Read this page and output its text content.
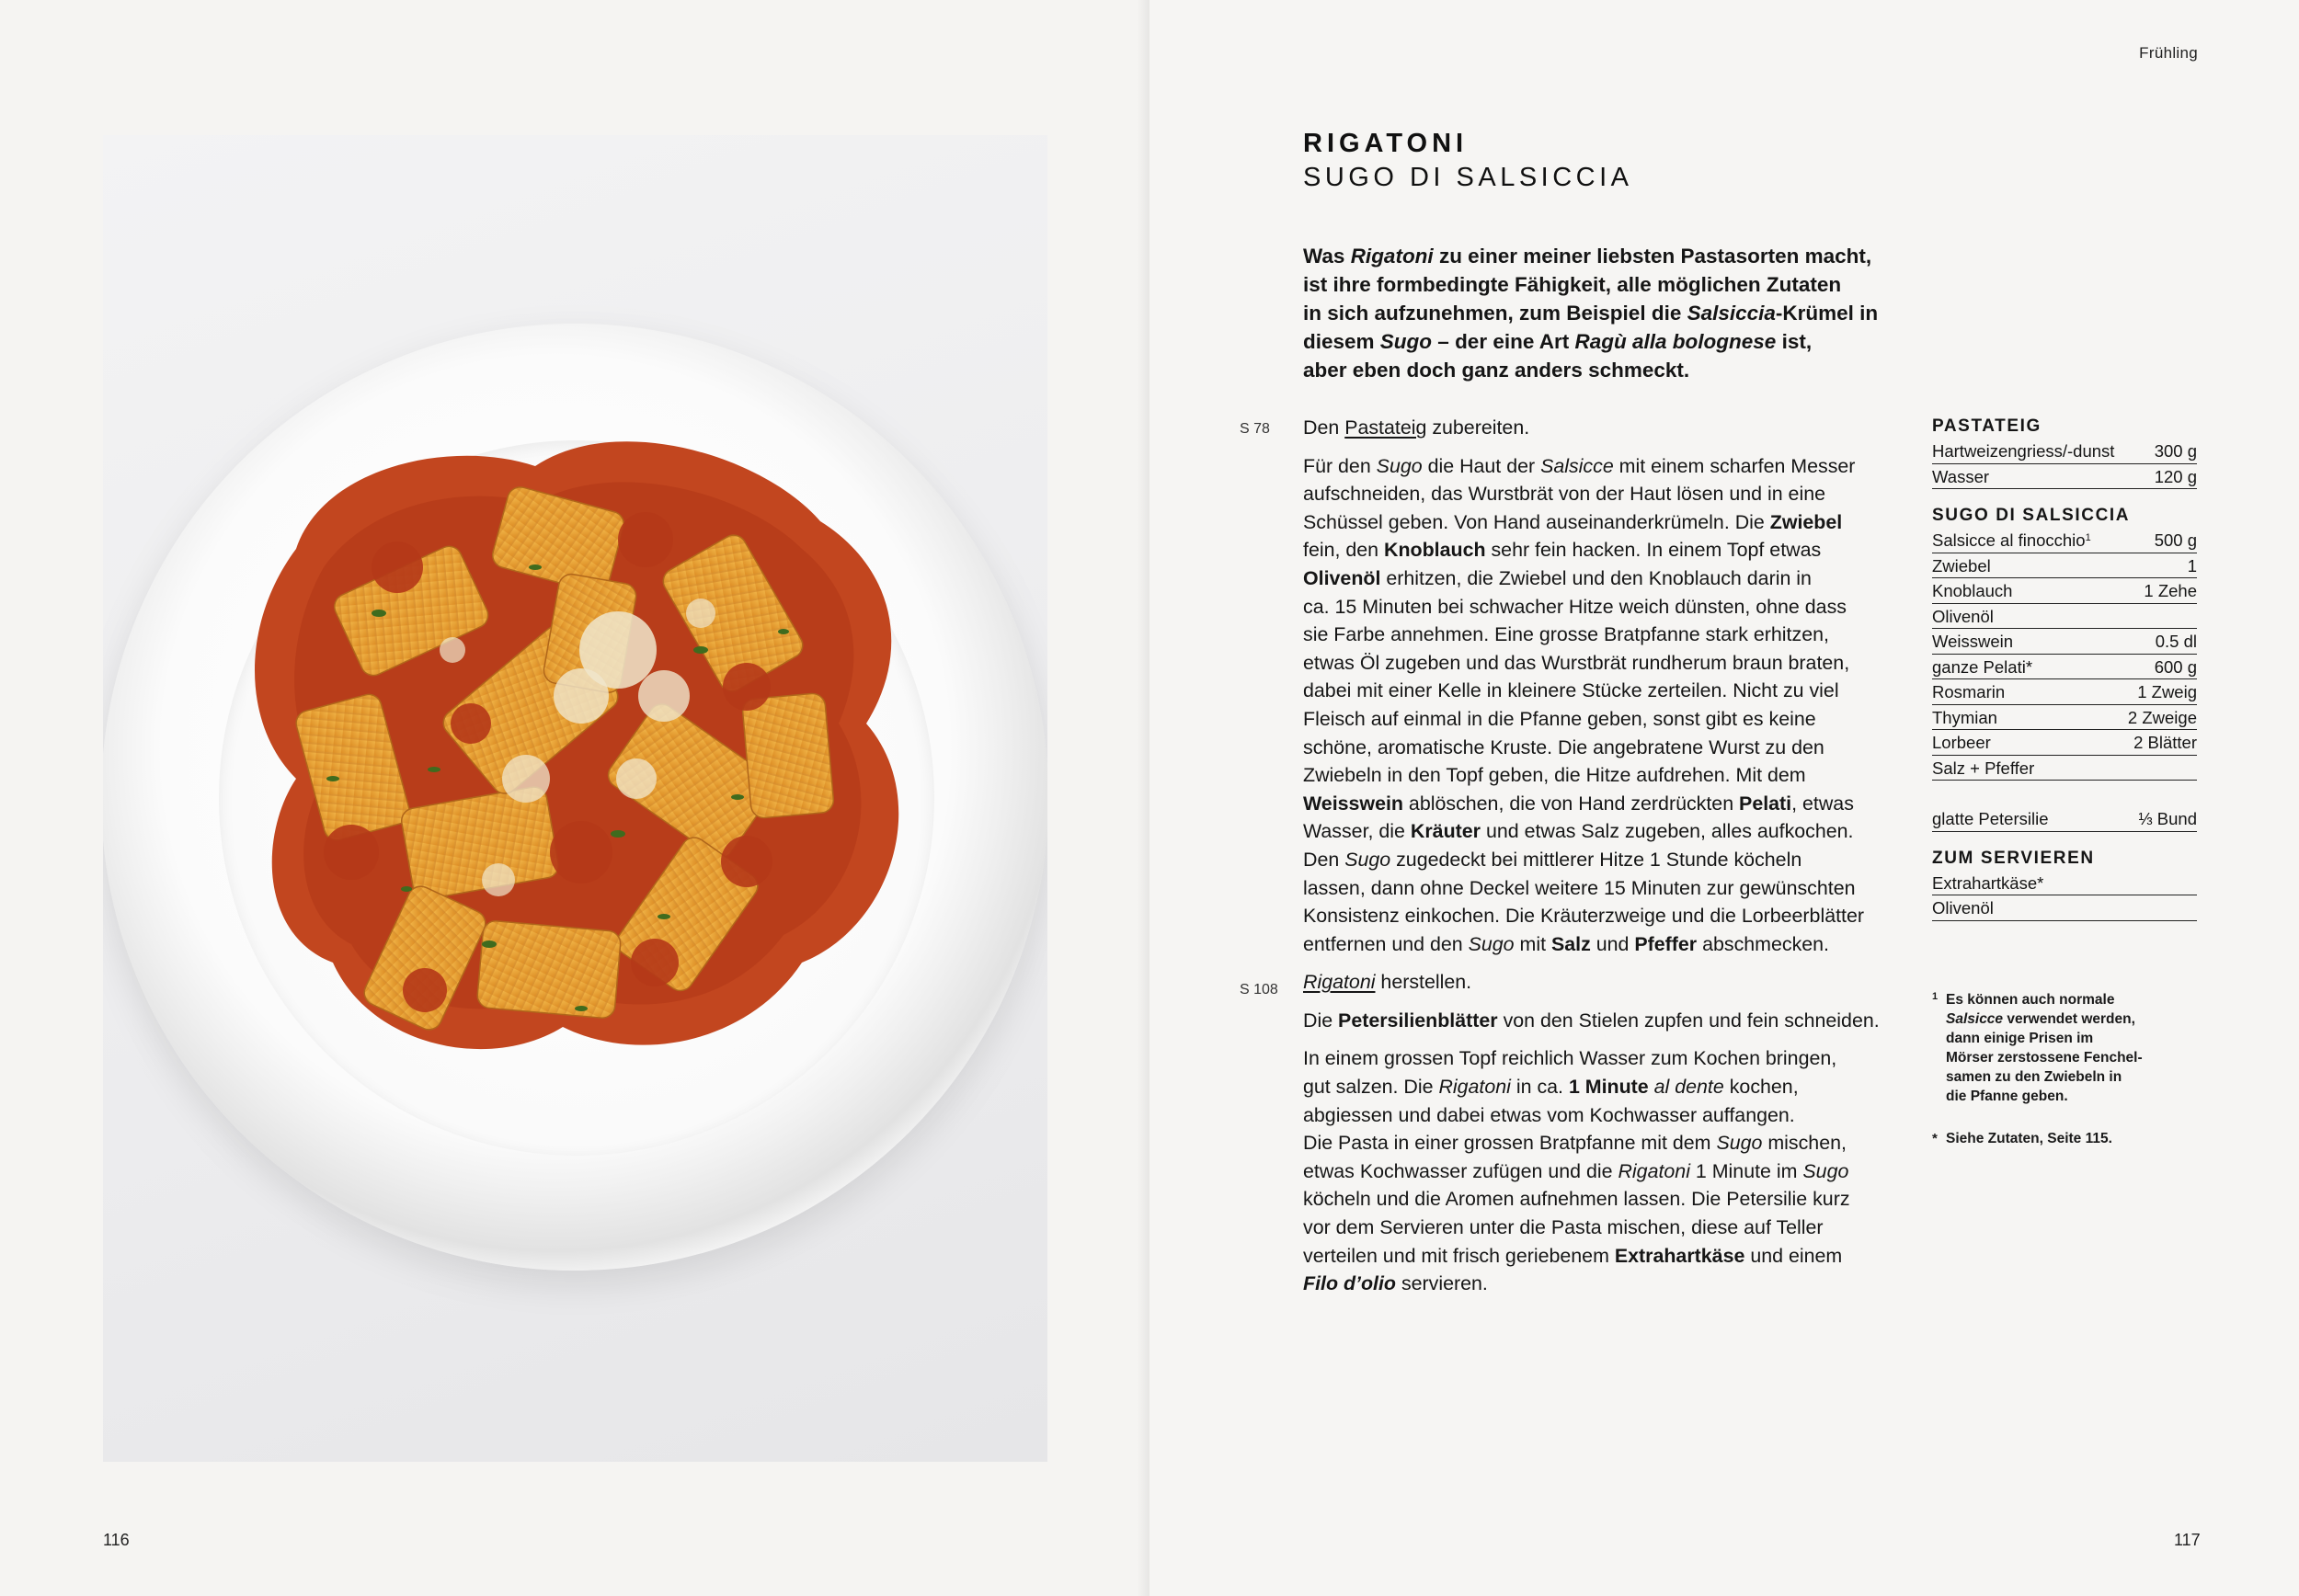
116
Frühling
RIGATONI
SUGO DI SALSICCIA

Was Rigatoni zu einer meiner liebsten Pastasorten macht,
ist ihre formbedingte Fähigkeit, alle möglichen Zutaten
in sich aufzunehmen, zum Beispiel die Salsiccia-Krümel in
diesem Sugo – der eine Art Ragù alla bolognese ist,
aber eben doch ganz anders schmeckt.

S 78
S 108

Den Pastateig zubereiten.

Für den Sugo die Haut der Salsicce mit einem scharfen Messer
aufschneiden, das Wurstbrät von der Haut lösen und in eine
Schüssel geben. Von Hand auseinanderkrümeln. Die Zwiebel
fein, den Knoblauch sehr fein hacken. In einem Topf etwas
Olivenöl erhitzen, die Zwiebel und den Knoblauch darin in
ca. 15 Minuten bei schwacher Hitze weich dünsten, ohne dass
sie Farbe annehmen. Eine grosse Bratpfanne stark erhitzen,
etwas Öl zugeben und das Wurstbrät rundherum braun braten,
dabei mit einer Kelle in kleinere Stücke zerteilen. Nicht zu viel
Fleisch auf einmal in die Pfanne geben, sonst gibt es keine
schöne, aromatische Kruste. Die angebratene Wurst zu den
Zwiebeln in den Topf geben, die Hitze aufdrehen. Mit dem
Weisswein ablöschen, die von Hand zerdrückten Pelati, etwas
Wasser, die Kräuter und etwas Salz zugeben, alles aufkochen.
Den Sugo zugedeckt bei mittlerer Hitze 1 Stunde köcheln
lassen, dann ohne Deckel weitere 15 Minuten zur gewünschten
Konsistenz einkochen. Die Kräuterzweige und die Lorbeerblätter
entfernen und den Sugo mit Salz und Pfeffer abschmecken.

Rigatoni herstellen.

Die Petersilienblätter von den Stielen zupfen und fein schneiden.

In einem grossen Topf reichlich Wasser zum Kochen bringen,
gut salzen. Die Rigatoni in ca. 1 Minute al dente kochen,
abgiessen und dabei etwas vom Kochwasser auffangen.
Die Pasta in einer grossen Bratpfanne mit dem Sugo mischen,
etwas Kochwasser zufügen und die Rigatoni 1 Minute im Sugo
köcheln und die Aromen aufnehmen lassen. Die Petersilie kurz
vor dem Servieren unter die Pasta mischen, diese auf Teller
verteilen und mit frisch geriebenem Extrahartkäse und einem
Filo d’olio servieren.

PASTATEIG
Hartweizengriess/-dunst 300 g
Wasser	120 g
SUGO DI SALSICCIA
Salsicce al finocchio$^1$	500 g
Zwiebel	1
Knoblauch	1 Zehe
Olivenöl
Weisswein	0.5 dl
ganze Pelati*	600 g
Rosmarin	1 Zweig
Thymian	2 Zweige
Lorbeer	2 Blätter
Salz + Pfeffer
glatte Petersilie	⅓ Bund
ZUM SERVIEREN
Extrahartkäse*
Olivenöl
1 Es können auch normale
Salsicce verwendet werden,
dann einige Prisen im
Mörser zerstossene Fenchel-
samen zu den Zwiebeln in
die Pfanne geben.
* Siehe Zutaten, Seite 115.
117
